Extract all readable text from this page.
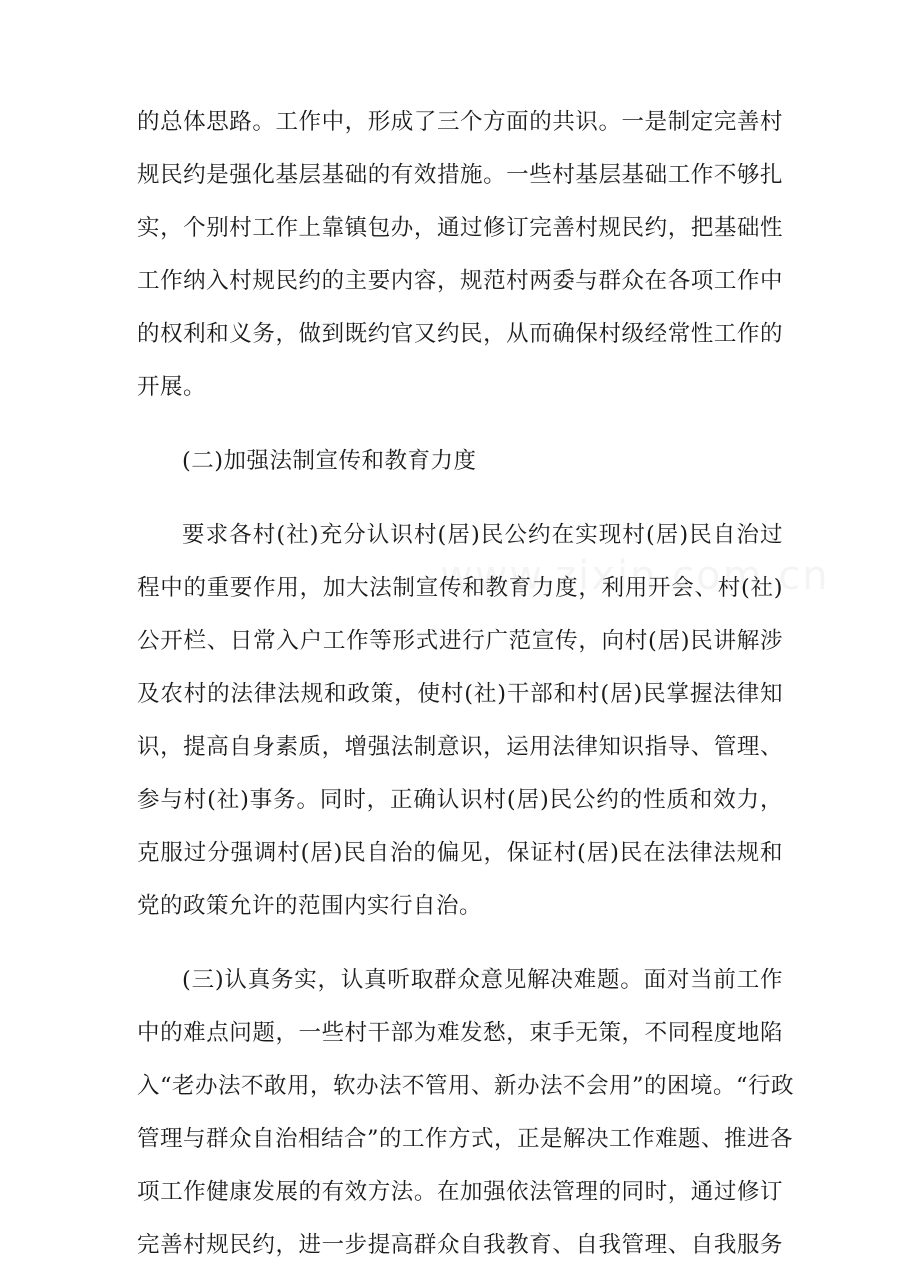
的总体思路。工作中，形成了三个方面的共识。一是制定完善村
规民约是强化基层基础的有效措施。一些村基层基础工作不够扎
实，个别村工作上靠镇包办，通过修订完善村规民约，把基础性
工作纳入村规民约的主要内容，规范村两委与群众在各项工作中
的权利和义务，做到既约官又约民，从而确保村级经常性工作的
开展。

(二)加强法制宣传和教育力度

要求各村(社)充分认识村(居)民公约在实现村(居)民自治过
程中的重要作用，加大法制宣传和教育力度，利用开会、村(社)
公开栏、日常入户工作等形式进行广范宣传，向村(居)民讲解涉
及农村的法律法规和政策，使村(社)干部和村(居)民掌握法律知
识，提高自身素质，增强法制意识，运用法律知识指导、管理、
参与村(社)事务。同时，正确认识村(居)民公约的性质和效力，
克服过分强调村(居)民自治的偏见，保证村(居)民在法律法规和
党的政策允许的范围内实行自治。

(三)认真务实，认真听取群众意见解决难题。面对当前工作
中的难点问题，一些村干部为难发愁，束手无策，不同程度地陷
入“老办法不敢用，软办法不管用、新办法不会用”的困境。“行政
管理与群众自治相结合”的工作方式，正是解决工作难题、推进各
项工作健康发展的有效方法。在加强依法管理的同时，通过修订
完善村规民约，进一步提高群众自我教育、自我管理、自我服务
